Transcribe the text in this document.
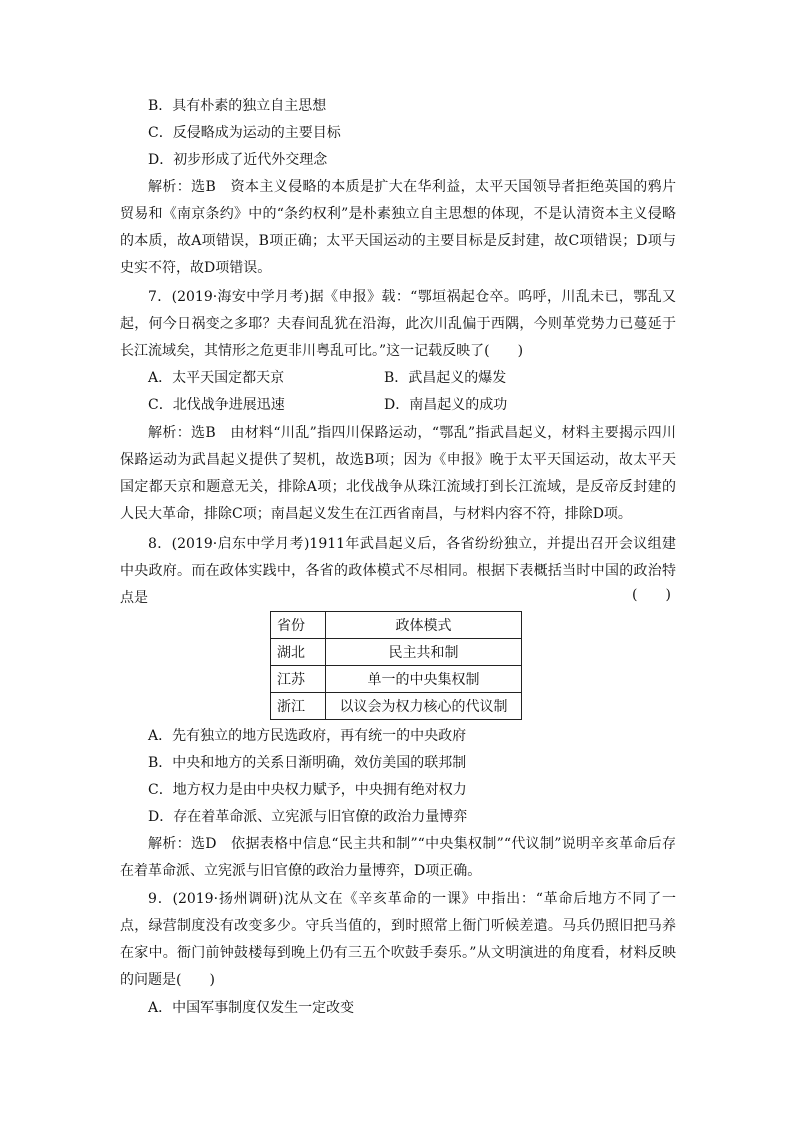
B．具有朴素的独立自主思想
C．反侵略成为运动的主要目标
D．初步形成了近代外交理念
解析：选B　资本主义侵略的本质是扩大在华利益，太平天国领导者拒绝英国的鸦片贸易和《南京条约》中的“条约权利”是朴素独立自主思想的体现，不是认清资本主义侵略的本质，故A项错误，B项正确；太平天国运动的主要目标是反封建，故C项错误；D项与史实不符，故D项错误。
7．(2019·海安中学月考)据《申报》载：“鄂垣祸起仓卒。呜呼，川乱未已，鄂乱又起，何今日祸变之多耶？夫春间乱犹在沿海，此次川乱偏于西隅，今则革党势力已蔓延于长江流域矣，其情形之危更非川粤乱可比。”这一记载反映了(　　)
A．太平天国定都天京	B．武昌起义的爆发
C．北伐战争进展迅速	D．南昌起义的成功
解析：选B　由材料“川乱”指四川保路运动，“鄂乱”指武昌起义，材料主要揭示四川保路运动为武昌起义提供了契机，故选B项；因为《申报》晚于太平天国运动，故太平天国定都天京和题意无关，排除A项；北伐战争从珠江流域打到长江流域，是反帝反封建的人民大革命，排除C项；南昌起义发生在江西省南昌，与材料内容不符，排除D项。
8．(2019·启东中学月考)1911年武昌起义后，各省纷纷独立，并提出召开会议组建中央政府。而在政体实践中，各省的政体模式不尽相同。根据下表概括当时中国的政治特点是	(　　)
省份	政体模式
湖北	民主共和制
江苏	单一的中央集权制
浙江	以议会为权力核心的代议制
A．先有独立的地方民选政府，再有统一的中央政府
B．中央和地方的关系日渐明确，效仿美国的联邦制
C．地方权力是由中央权力赋予，中央拥有绝对权力
D．存在着革命派、立宪派与旧官僚的政治力量博弈
解析：选D　依据表格中信息“民主共和制”“中央集权制”“代议制”说明辛亥革命后存在着革命派、立宪派与旧官僚的政治力量博弈，D项正确。
9．(2019·扬州调研)沈从文在《辛亥革命的一课》中指出：“革命后地方不同了一点，绿营制度没有改变多少。守兵当值的，到时照常上衙门听候差遣。马兵仍照旧把马养在家中。衙门前钟鼓楼每到晚上仍有三五个吹鼓手奏乐。”从文明演进的角度看，材料反映的问题是(　　)
A．中国军事制度仅发生一定改变
